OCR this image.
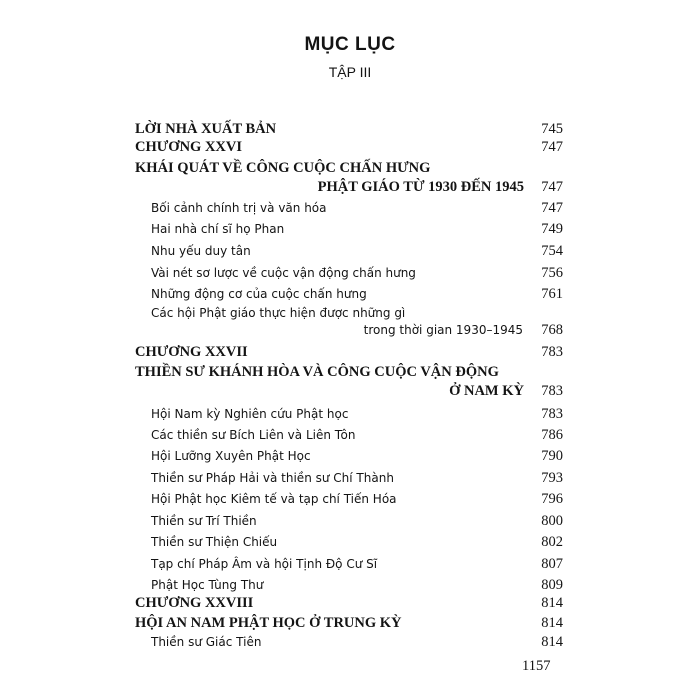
MỤC LỤC
TẬP III
LỜI NHÀ XUẤT BẢN	745
CHƯƠNG XXVI	747
KHÁI QUÁT VỀ CÔNG CUỘC CHẤN HƯNG
PHẬT GIÁO TỪ 1930 ĐẾN 1945	747
Bối cảnh chính trị và văn hóa	747
Hai nhà chí sĩ họ Phan	749
Nhu yếu duy tân	754
Vài nét sơ lược về cuộc vận động chấn hưng	756
Những động cơ của cuộc chấn hưng	761
Các hội Phật giáo thực hiện được những gì
trong thời gian 1930–1945	768
CHƯƠNG XXVII	783
THIỀN SƯ KHÁNH HÒA VÀ CÔNG CUỘC VẬN ĐỘNG
Ở NAM KỲ	783
Hội Nam kỳ Nghiên cứu Phật học	783
Các thiền sư Bích Liên và Liên Tôn	786
Hội Lưỡng Xuyên Phật Học	790
Thiền sư Pháp Hải và thiền sư Chí Thành	793
Hội Phật học Kiêm tế và tạp chí Tiến Hóa	796
Thiền sư Trí Thiền	800
Thiền sư Thiện Chiếu	802
Tạp chí Pháp Âm và hội Tịnh Độ Cư Sĩ	807
Phật Học Tùng Thư	809
CHƯƠNG XXVIII	814
HỘI AN NAM PHẬT HỌC Ở TRUNG KỲ	814
Thiền sư Giác Tiên	814
1157
